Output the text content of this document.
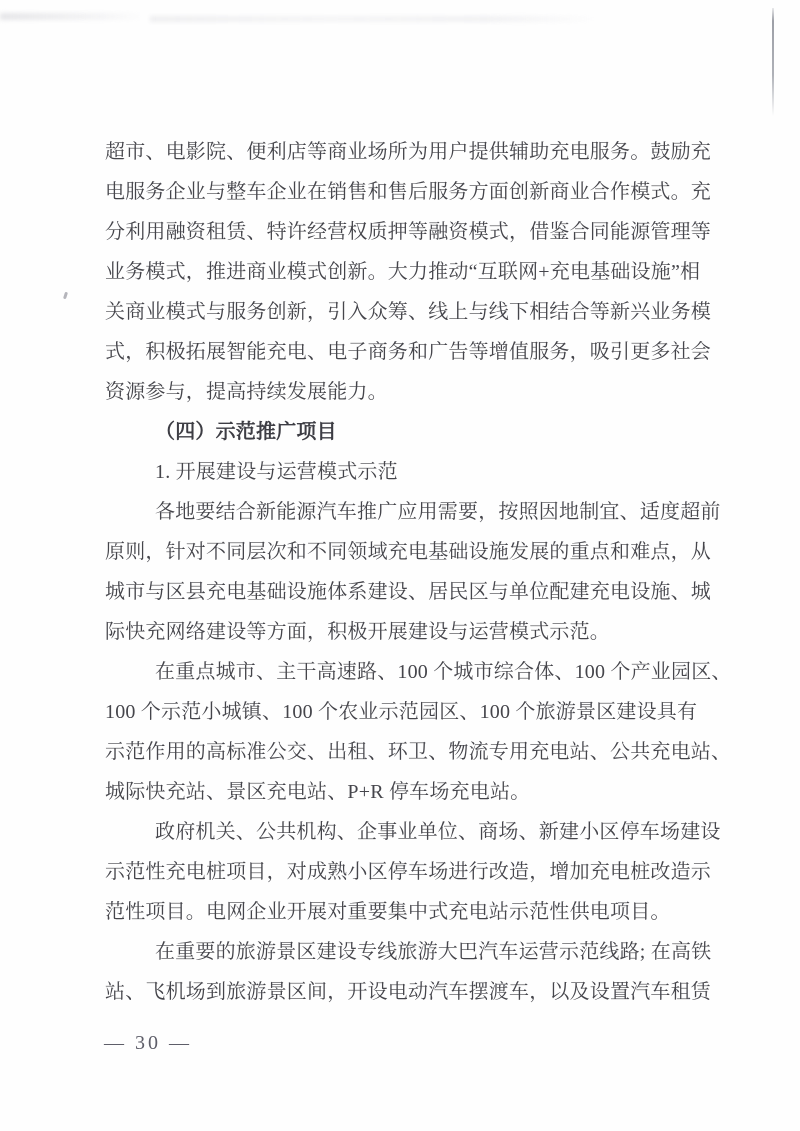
超市、电影院、便利店等商业场所为用户提供辅助充电服务。鼓励充
电服务企业与整车企业在销售和售后服务方面创新商业合作模式。充
分利用融资租赁、特许经营权质押等融资模式，借鉴合同能源管理等
业务模式，推进商业模式创新。大力推动“互联网+充电基础设施”相
关商业模式与服务创新，引入众筹、线上与线下相结合等新兴业务模
式，积极拓展智能充电、电子商务和广告等增值服务，吸引更多社会
资源参与，提高持续发展能力。
（四）示范推广项目
1. 开展建设与运营模式示范
各地要结合新能源汽车推广应用需要，按照因地制宜、适度超前
原则，针对不同层次和不同领域充电基础设施发展的重点和难点，从
城市与区县充电基础设施体系建设、居民区与单位配建充电设施、城
际快充网络建设等方面，积极开展建设与运营模式示范。
在重点城市、主干高速路、100 个城市综合体、100 个产业园区、
100 个示范小城镇、100 个农业示范园区、100 个旅游景区建设具有
示范作用的高标准公交、出租、环卫、物流专用充电站、公共充电站、
城际快充站、景区充电站、P+R 停车场充电站。
政府机关、公共机构、企事业单位、商场、新建小区停车场建设
示范性充电桩项目，对成熟小区停车场进行改造，增加充电桩改造示
范性项目。电网企业开展对重要集中式充电站示范性供电项目。
在重要的旅游景区建设专线旅游大巴汽车运营示范线路; 在高铁
站、飞机场到旅游景区间，开设电动汽车摆渡车，以及设置汽车租赁
— 30 —
